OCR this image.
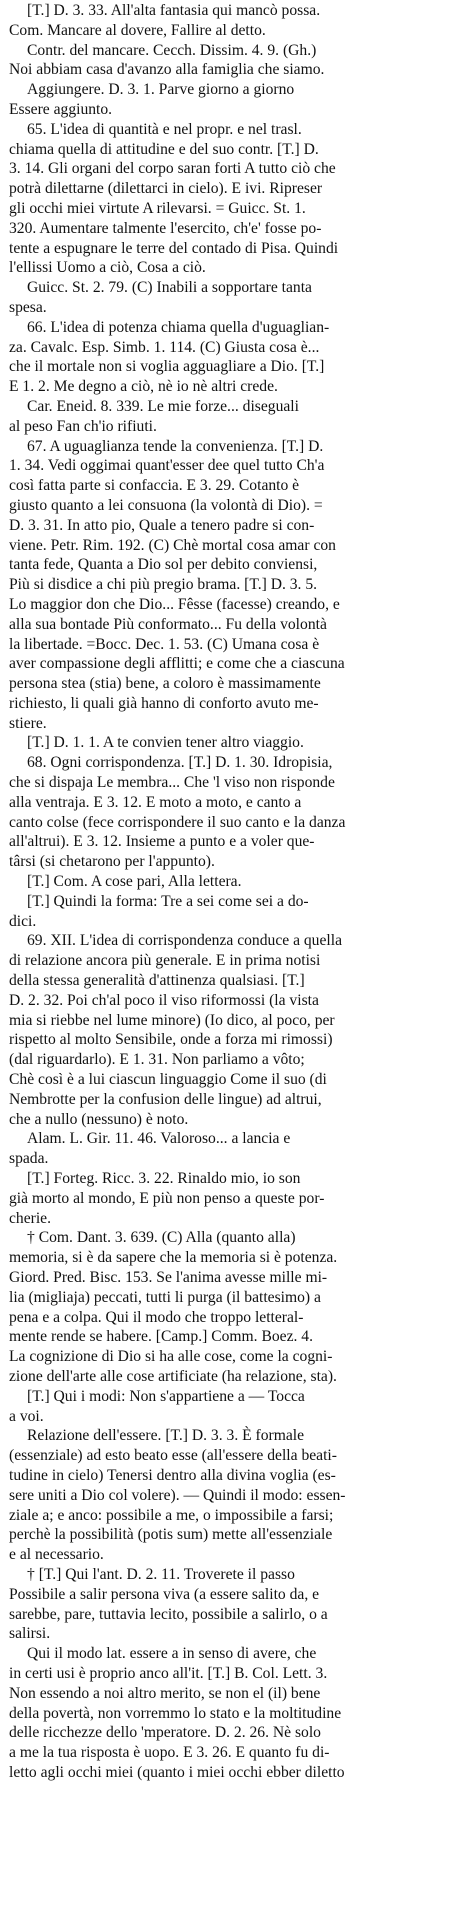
[T.] D. 3. 33. All'alta fantasia qui mancò possa.
Com. Mancare al dovere, Fallire al detto.
Contr. del mancare. Cecch. Dissim. 4. 9. (Gh.)
Noi abbiam casa d'avanzo alla famiglia che siamo.
Aggiungere. D. 3. 1. Parve giorno a giorno
Essere aggiunto.
65. L'idea di quantità e nel propr. e nel trasl.
chiama quella di attitudine e del suo contr. [T.] D.
3. 14. Gli organi del corpo saran forti A tutto ciò che
potrà dilettarne (dilettarci in cielo). E ivi. Ripreser
gli occhi miei virtute A rilevarsi. = Guicc. St. 1.
320. Aumentare talmente l'esercito, ch'e' fosse po-
tente a espugnare le terre del contado di Pisa. Quindi
l'ellissi Uomo a ciò, Cosa a ciò.
Guicc. St. 2. 79. (C) Inabili a sopportare tanta
spesa.
66. L'idea di potenza chiama quella d'uguaglian-
za. Cavalc. Esp. Simb. 1. 114. (C) Giusta cosa è...
che il mortale non si voglia agguagliare a Dio. [T.]
E 1. 2. Me degno a ciò, nè io nè altri crede.
Car. Eneid. 8. 339. Le mie forze... diseguali
al peso Fan ch'io rifiuti.
67. A uguaglianza tende la convenienza. [T.] D.
1. 34. Vedi oggimai quant'esser dee quel tutto Ch'a
così fatta parte si confaccia. E 3. 29. Cotanto è
giusto quanto a lei consuona (la volontà di Dio). =
D. 3. 31. In atto pio, Quale a tenero padre si con-
viene. Petr. Rim. 192. (C) Chè mortal cosa amar con
tanta fede, Quanta a Dio sol per debito conviensi,
Più si disdice a chi più pregio brama. [T.] D. 3. 5.
Lo maggior don che Dio... Fêsse (facesse) creando, e
alla sua bontade Più conformato... Fu della volontà
la libertade. =Bocc. Dec. 1. 53. (C) Umana cosa è
aver compassione degli afflitti; e come che a ciascuna
persona stea (stia) bene, a coloro è massimamente
richiesto, li quali già hanno di conforto avuto me-
stiere.
[T.] D. 1. 1. A te convien tener altro viaggio.
68. Ogni corrispondenza. [T.] D. 1. 30. Idropisia,
che si dispaja Le membra... Che 'l viso non risponde
alla ventraja. E 3. 12. E moto a moto, e canto a
canto colse (fece corrispondere il suo canto e la danza
all'altrui). E 3. 12. Insieme a punto e a voler que-
târsi (si chetarono per l'appunto).
[T.] Com. A cose pari, Alla lettera.
[T.] Quindi la forma: Tre a sei come sei a do-
dici.
69. XII. L'idea di corrispondenza conduce a quella
di relazione ancora più generale. E in prima notisi
della stessa generalità d'attinenza qualsiasi. [T.]
D. 2. 32. Poi ch'al poco il viso riformossi (la vista
mia si riebbe nel lume minore) (Io dico, al poco, per
rispetto al molto Sensibile, onde a forza mi rimossi)
(dal riguardarlo). E 1. 31. Non parliamo a vôto;
Chè così è a lui ciascun linguaggio Come il suo (di
Nembrotte per la confusion delle lingue) ad altrui,
che a nullo (nessuno) è noto.
Alam. L. Gir. 11. 46. Valoroso... a lancia e
spada.
[T.] Forteg. Ricc. 3. 22. Rinaldo mio, io son
già morto al mondo, E più non penso a queste por-
cherie.
† Com. Dant. 3. 639. (C) Alla (quanto alla)
memoria, si è da sapere che la memoria si è potenza.
Giord. Pred. Bisc. 153. Se l'anima avesse mille mi-
lia (migliaja) peccati, tutti li purga (il battesimo) a
pena e a colpa. Qui il modo che troppo letteral-
mente rende se habere. [Camp.] Comm. Boez. 4.
La cognizione di Dio si ha alle cose, come la cogni-
zione dell'arte alle cose artificiate (ha relazione, sta).
[T.] Qui i modi: Non s'appartiene a — Tocca
a voi.
Relazione dell'essere. [T.] D. 3. 3. È formale
(essenziale) ad esto beato esse (all'essere della beati-
tudine in cielo) Tenersi dentro alla divina voglia (es-
sere uniti a Dio col volere). — Quindi il modo: essen-
ziale a; e anco: possibile a me, o impossibile a farsi;
perchè la possibilità (potis sum) mette all'essenziale
e al necessario.
† [T.] Qui l'ant. D. 2. 11. Troverete il passo
Possibile a salir persona viva (a essere salito da, e
sarebbe, pare, tuttavia lecito, possibile a salirlo, o a
salirsi.
Qui il modo lat. essere a in senso di avere, che
in certi usi è proprio anco all'it. [T.] B. Col. Lett. 3.
Non essendo a noi altro merito, se non el (il) bene
della povertà, non vorremmo lo stato e la moltitudine
delle ricchezze dello 'mperatore. D. 2. 26. Nè solo
a me la tua risposta è uopo. E 3. 26. E quanto fu di-
letto agli occhi miei (quanto i miei occhi ebber diletto
